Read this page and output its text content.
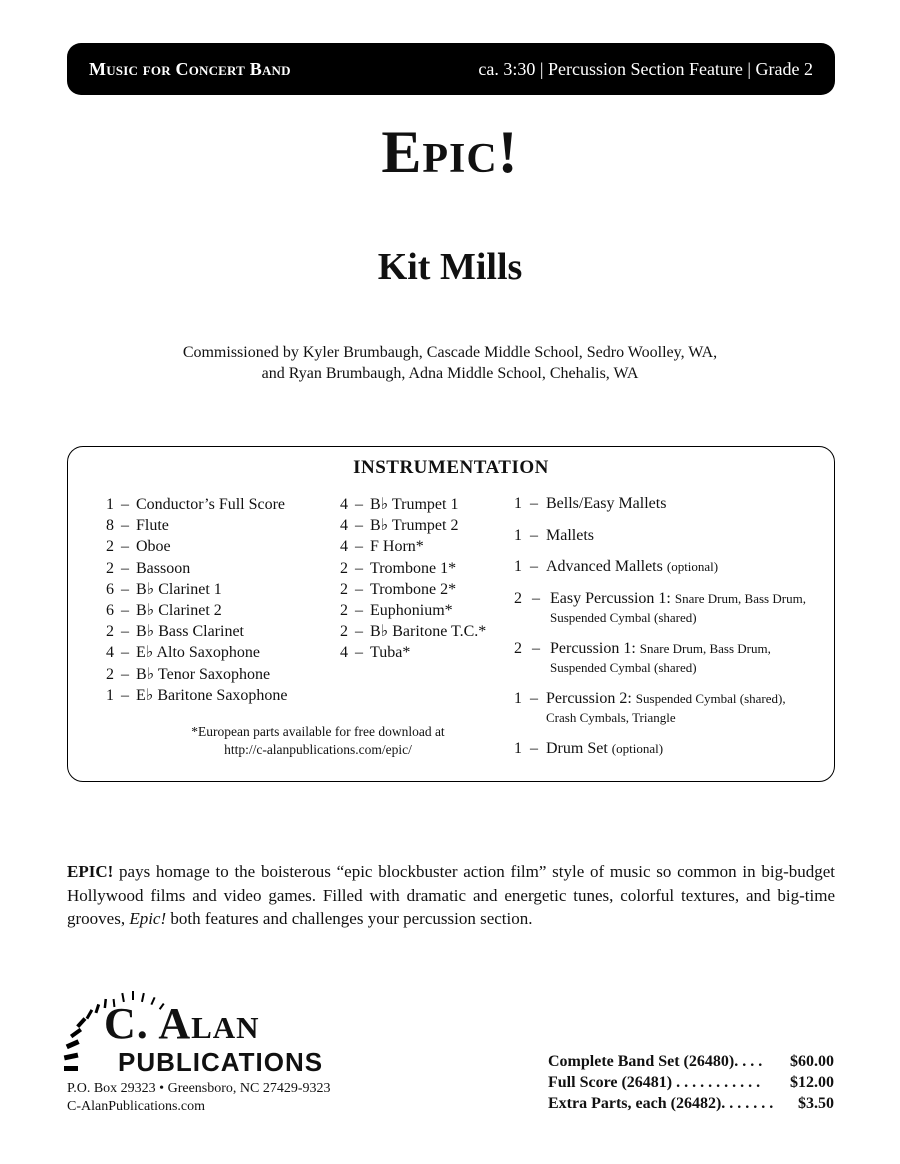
Music for Concert Band	ca. 3:30 | Percussion Section Feature | Grade 2
Epic!
Kit Mills
Commissioned by Kyler Brumbaugh, Cascade Middle School, Sedro Woolley, WA,
and Ryan Brumbaugh, Adna Middle School, Chehalis, WA
INSTRUMENTATION
1 – Conductor’s Full Score
8 – Flute
2 – Oboe
2 – Bassoon
6 – B♭ Clarinet 1
6 – B♭ Clarinet 2
2 – B♭ Bass Clarinet
4 – E♭ Alto Saxophone
2 – B♭ Tenor Saxophone
1 – E♭ Baritone Saxophone
4 – B♭ Trumpet 1
4 – B♭ Trumpet 2
4 – F Horn*
2 – Trombone 1*
2 – Trombone 2*
2 – Euphonium*
2 – B♭ Baritone T.C.*
4 – Tuba*
1 – Bells/Easy Mallets
1 – Mallets
1 – Advanced Mallets (optional)
2 – Easy Percussion 1: Snare Drum, Bass Drum,
Suspended Cymbal (shared)
2 – Percussion 1: Snare Drum, Bass Drum,
Suspended Cymbal (shared)
1 – Percussion 2: Suspended Cymbal (shared),
Crash Cymbals, Triangle
1 – Drum Set (optional)
*European parts available for free download at
http://c-alanpublications.com/epic/
EPIC! pays homage to the boisterous “epic blockbuster action film” style of music so common in big-budget Hollywood films and video games. Filled with dramatic and energetic tunes, colorful textures, and big-time grooves, Epic! both features and challenges your percussion section.
C. Alan
PUBLICATIONS
P.O. Box 29323 • Greensboro, NC 27429-9323
C-AlanPublications.com
Complete Band Set (26480). . . . $60.00
Full Score (26481) . . . . . . . . . . . $12.00
Extra Parts, each (26482). . . . . . . $3.50
